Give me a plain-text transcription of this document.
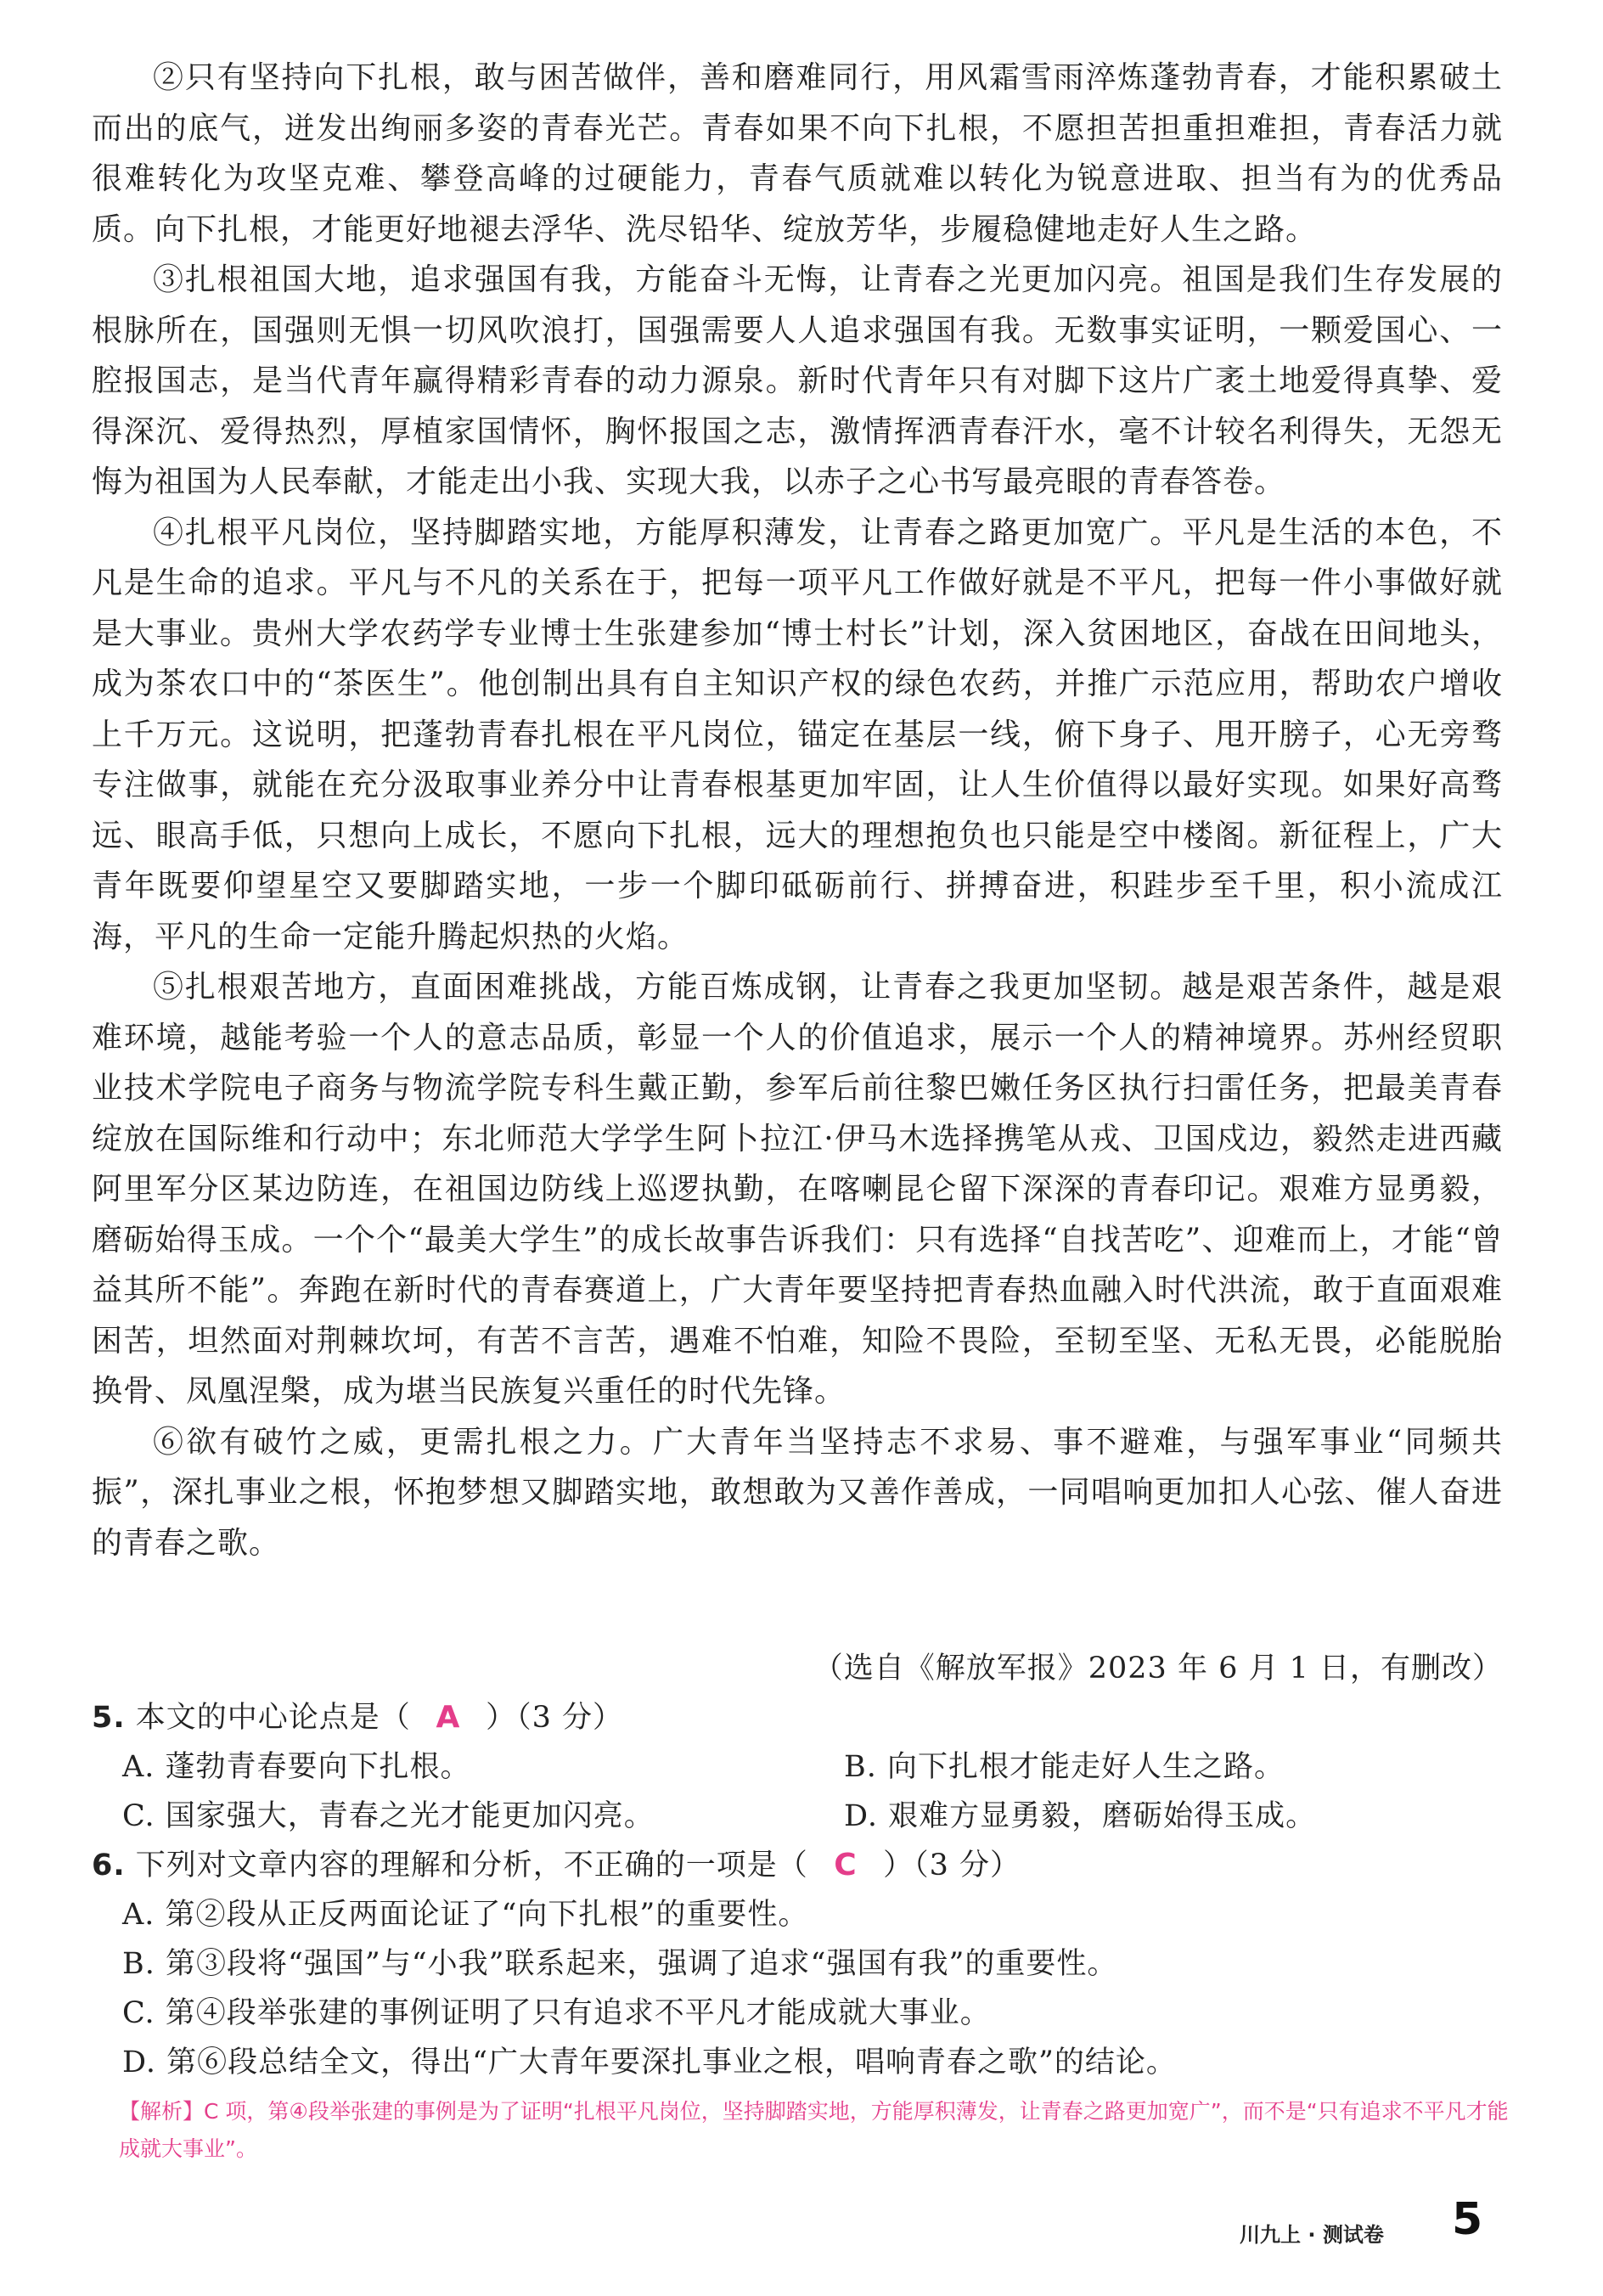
②只有坚持向下扎根，敢与困苦做伴，善和磨难同行，用风霜雪雨淬炼蓬勃青春，才能积累破土而出的底气，迸发出绚丽多姿的青春光芒。青春如果不向下扎根，不愿担苦担重担难担，青春活力就很难转化为攻坚克难、攀登高峰的过硬能力，青春气质就难以转化为锐意进取、担当有为的优秀品质。向下扎根，才能更好地褪去浮华、洗尽铅华、绽放芳华，步履稳健地走好人生之路。

③扎根祖国大地，追求强国有我，方能奋斗无悔，让青春之光更加闪亮。祖国是我们生存发展的根脉所在，国强则无惧一切风吹浪打，国强需要人人追求强国有我。无数事实证明，一颗爱国心、一腔报国志，是当代青年赢得精彩青春的动力源泉。新时代青年只有对脚下这片广袤土地爱得真挚、爱得深沉、爱得热烈，厚植家国情怀，胸怀报国之志，激情挥洒青春汗水，毫不计较名利得失，无怨无悔为祖国为人民奉献，才能走出小我、实现大我，以赤子之心书写最亮眼的青春答卷。

④扎根平凡岗位，坚持脚踏实地，方能厚积薄发，让青春之路更加宽广。平凡是生活的本色，不凡是生命的追求。平凡与不凡的关系在于，把每一项平凡工作做好就是不平凡，把每一件小事做好就是大事业。贵州大学农药学专业博士生张建参加“博士村长”计划，深入贫困地区，奋战在田间地头，成为茶农口中的“茶医生”。他创制出具有自主知识产权的绿色农药，并推广示范应用，帮助农户增收上千万元。这说明，把蓬勃青春扎根在平凡岗位，锚定在基层一线，俯下身子、甩开膀子，心无旁骛专注做事，就能在充分汲取事业养分中让青春根基更加牢固，让人生价值得以最好实现。如果好高骛远、眼高手低，只想向上成长，不愿向下扎根，远大的理想抱负也只能是空中楼阁。新征程上，广大青年既要仰望星空又要脚踏实地，一步一个脚印砥砺前行、拼搏奋进，积跬步至千里，积小流成江海，平凡的生命一定能升腾起炽热的火焰。

⑤扎根艰苦地方，直面困难挑战，方能百炼成钢，让青春之我更加坚韧。越是艰苦条件，越是艰难环境，越能考验一个人的意志品质，彰显一个人的价值追求，展示一个人的精神境界。苏州经贸职业技术学院电子商务与物流学院专科生戴正勤，参军后前往黎巴嫩任务区执行扫雷任务，把最美青春绽放在国际维和行动中；东北师范大学学生阿卜拉江·伊马木选择携笔从戎、卫国戍边，毅然走进西藏阿里军分区某边防连，在祖国边防线上巡逻执勤，在喀喇昆仑留下深深的青春印记。艰难方显勇毅，磨砺始得玉成。一个个“最美大学生”的成长故事告诉我们：只有选择“自找苦吃”、迎难而上，才能“曾益其所不能”。奔跑在新时代的青春赛道上，广大青年要坚持把青春热血融入时代洪流，敢于直面艰难困苦，坦然面对荆棘坎坷，有苦不言苦，遇难不怕难，知险不畏险，至韧至坚、无私无畏，必能脱胎换骨、凤凰涅槃，成为堪当民族复兴重任的时代先锋。

⑥欲有破竹之威，更需扎根之力。广大青年当坚持志不求易、事不避难，与强军事业“同频共振”，深扎事业之根，怀抱梦想又脚踏实地，敢想敢为又善作善成，一同唱响更加扣人心弦、催人奋进的青春之歌。

（选自《解放军报》2023 年 6 月 1 日，有删改）
5. 本文的中心论点是（ A ）（3 分）
A. 蓬勃青春要向下扎根。	B. 向下扎根才能走好人生之路。
C. 国家强大，青春之光才能更加闪亮。	D. 艰难方显勇毅，磨砺始得玉成。
6. 下列对文章内容的理解和分析，不正确的一项是（ C ）（3 分）
A. 第②段从正反两面论证了“向下扎根”的重要性。
B. 第③段将“强国”与“小我”联系起来，强调了追求“强国有我”的重要性。
C. 第④段举张建的事例证明了只有追求不平凡才能成就大事业。
D. 第⑥段总结全文，得出“广大青年要深扎事业之根，唱响青春之歌”的结论。
【解析】C 项，第④段举张建的事例是为了证明“扎根平凡岗位，坚持脚踏实地，方能厚积薄发，让青春之路更加宽广”，而不是“只有追求不平凡才能成就大事业”。
川九上 · 测试卷 5
